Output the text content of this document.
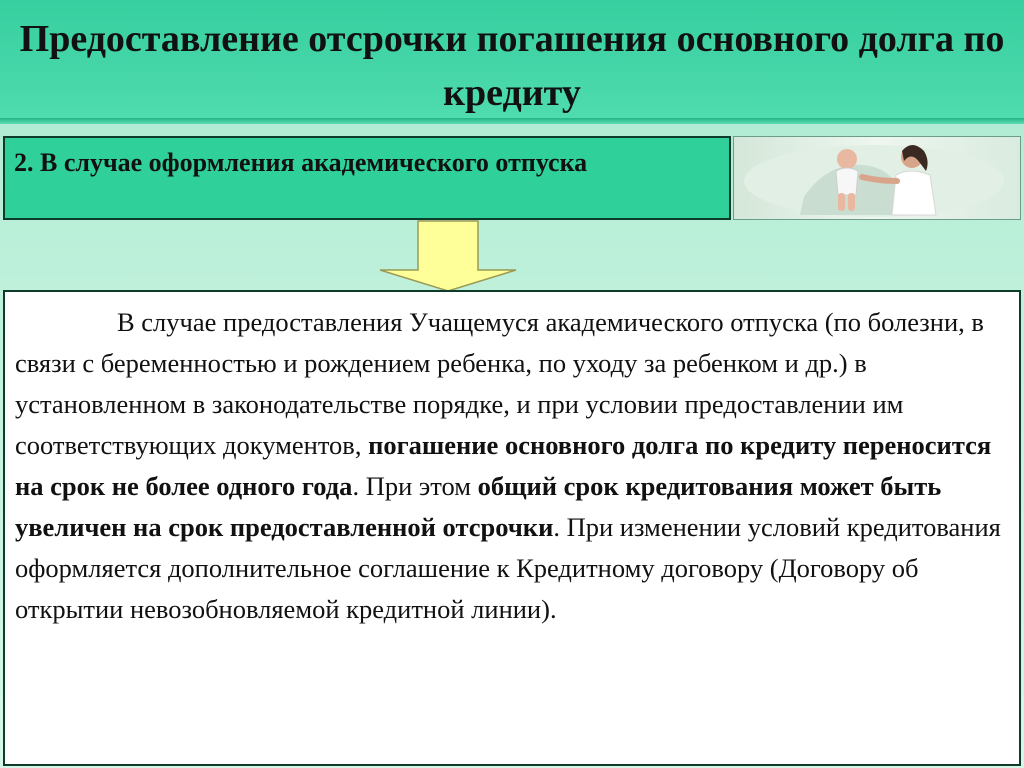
Предоставление отсрочки погашения основного долга по кредиту
2. В случае оформления академического отпуска

В случае предоставления Учащемуся академического отпуска (по болезни, в связи с беременностью и рождением ребенка, по уходу за ребенком и др.) в установленном в законодательстве порядке, и при условии предоставлении им соответствующих документов, погашение основного долга по кредиту переносится на срок не более одного года. При этом общий срок кредитования может быть увеличен на срок предоставленной отсрочки. При изменении условий кредитования оформляется дополнительное соглашение к Кредитному договору (Договору об открытии невозобновляемой кредитной линии).
